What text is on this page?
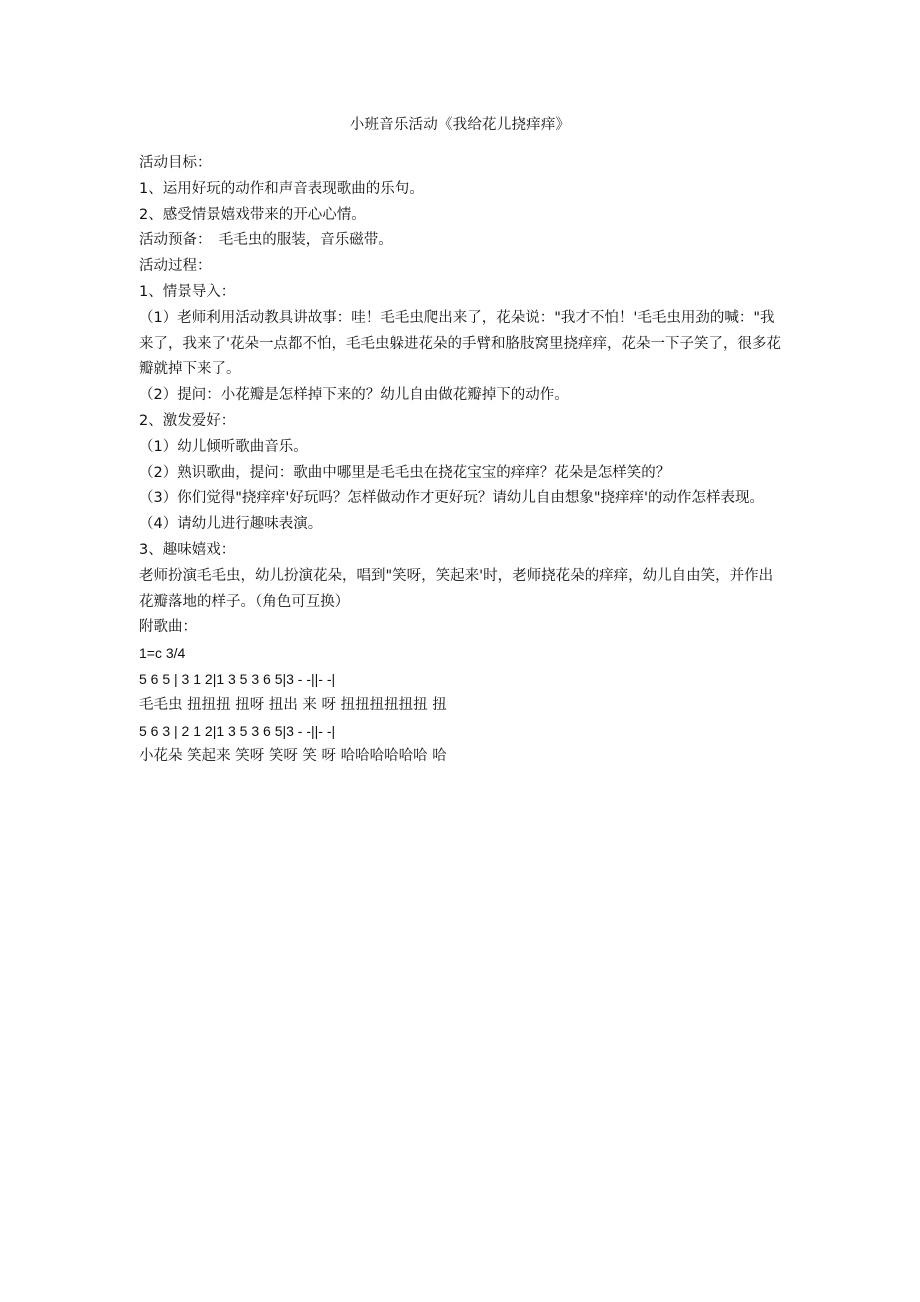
小班音乐活动《我给花儿挠痒痒》

活动目标：

1、运用好玩的动作和声音表现歌曲的乐句。

2、感受情景嬉戏带来的开心心情。

活动预备：　毛毛虫的服装，音乐磁带。

活动过程：

1、情景导入：

（1）老师利用活动教具讲故事：哇！毛毛虫爬出来了，花朵说："我才不怕！'毛毛虫用劲的喊："我来了，我来了'花朵一点都不怕，毛毛虫躲进花朵的手臂和胳肢窝里挠痒痒，花朵一下子笑了，很多花瓣就掉下来了。

（2）提问：小花瓣是怎样掉下来的？幼儿自由做花瓣掉下的动作。

2、激发爱好：

（1）幼儿倾听歌曲音乐。

（2）熟识歌曲，提问：歌曲中哪里是毛毛虫在挠花宝宝的痒痒？花朵是怎样笑的？

（3）你们觉得"挠痒痒'好玩吗？怎样做动作才更好玩？请幼儿自由想象"挠痒痒'的动作怎样表现。

（4）请幼儿进行趣味表演。

3、趣味嬉戏：

老师扮演毛毛虫，幼儿扮演花朵，唱到"笑呀，笑起来'时，老师挠花朵的痒痒，幼儿自由笑，并作出花瓣落地的样子。（角色可互换）

附歌曲：

1=c 3/4

5 6 5 | 3 1 2|1 3 5 3 6 5|3 - -||- -|

毛毛虫 扭扭扭 扭呀 扭出 来 呀 扭扭扭扭扭扭 扭

5 6 3 | 2 1 2|1 3 5 3 6 5|3 - -||- -|

小花朵 笑起来 笑呀 笑呀 笑 呀 哈哈哈哈哈哈 哈
